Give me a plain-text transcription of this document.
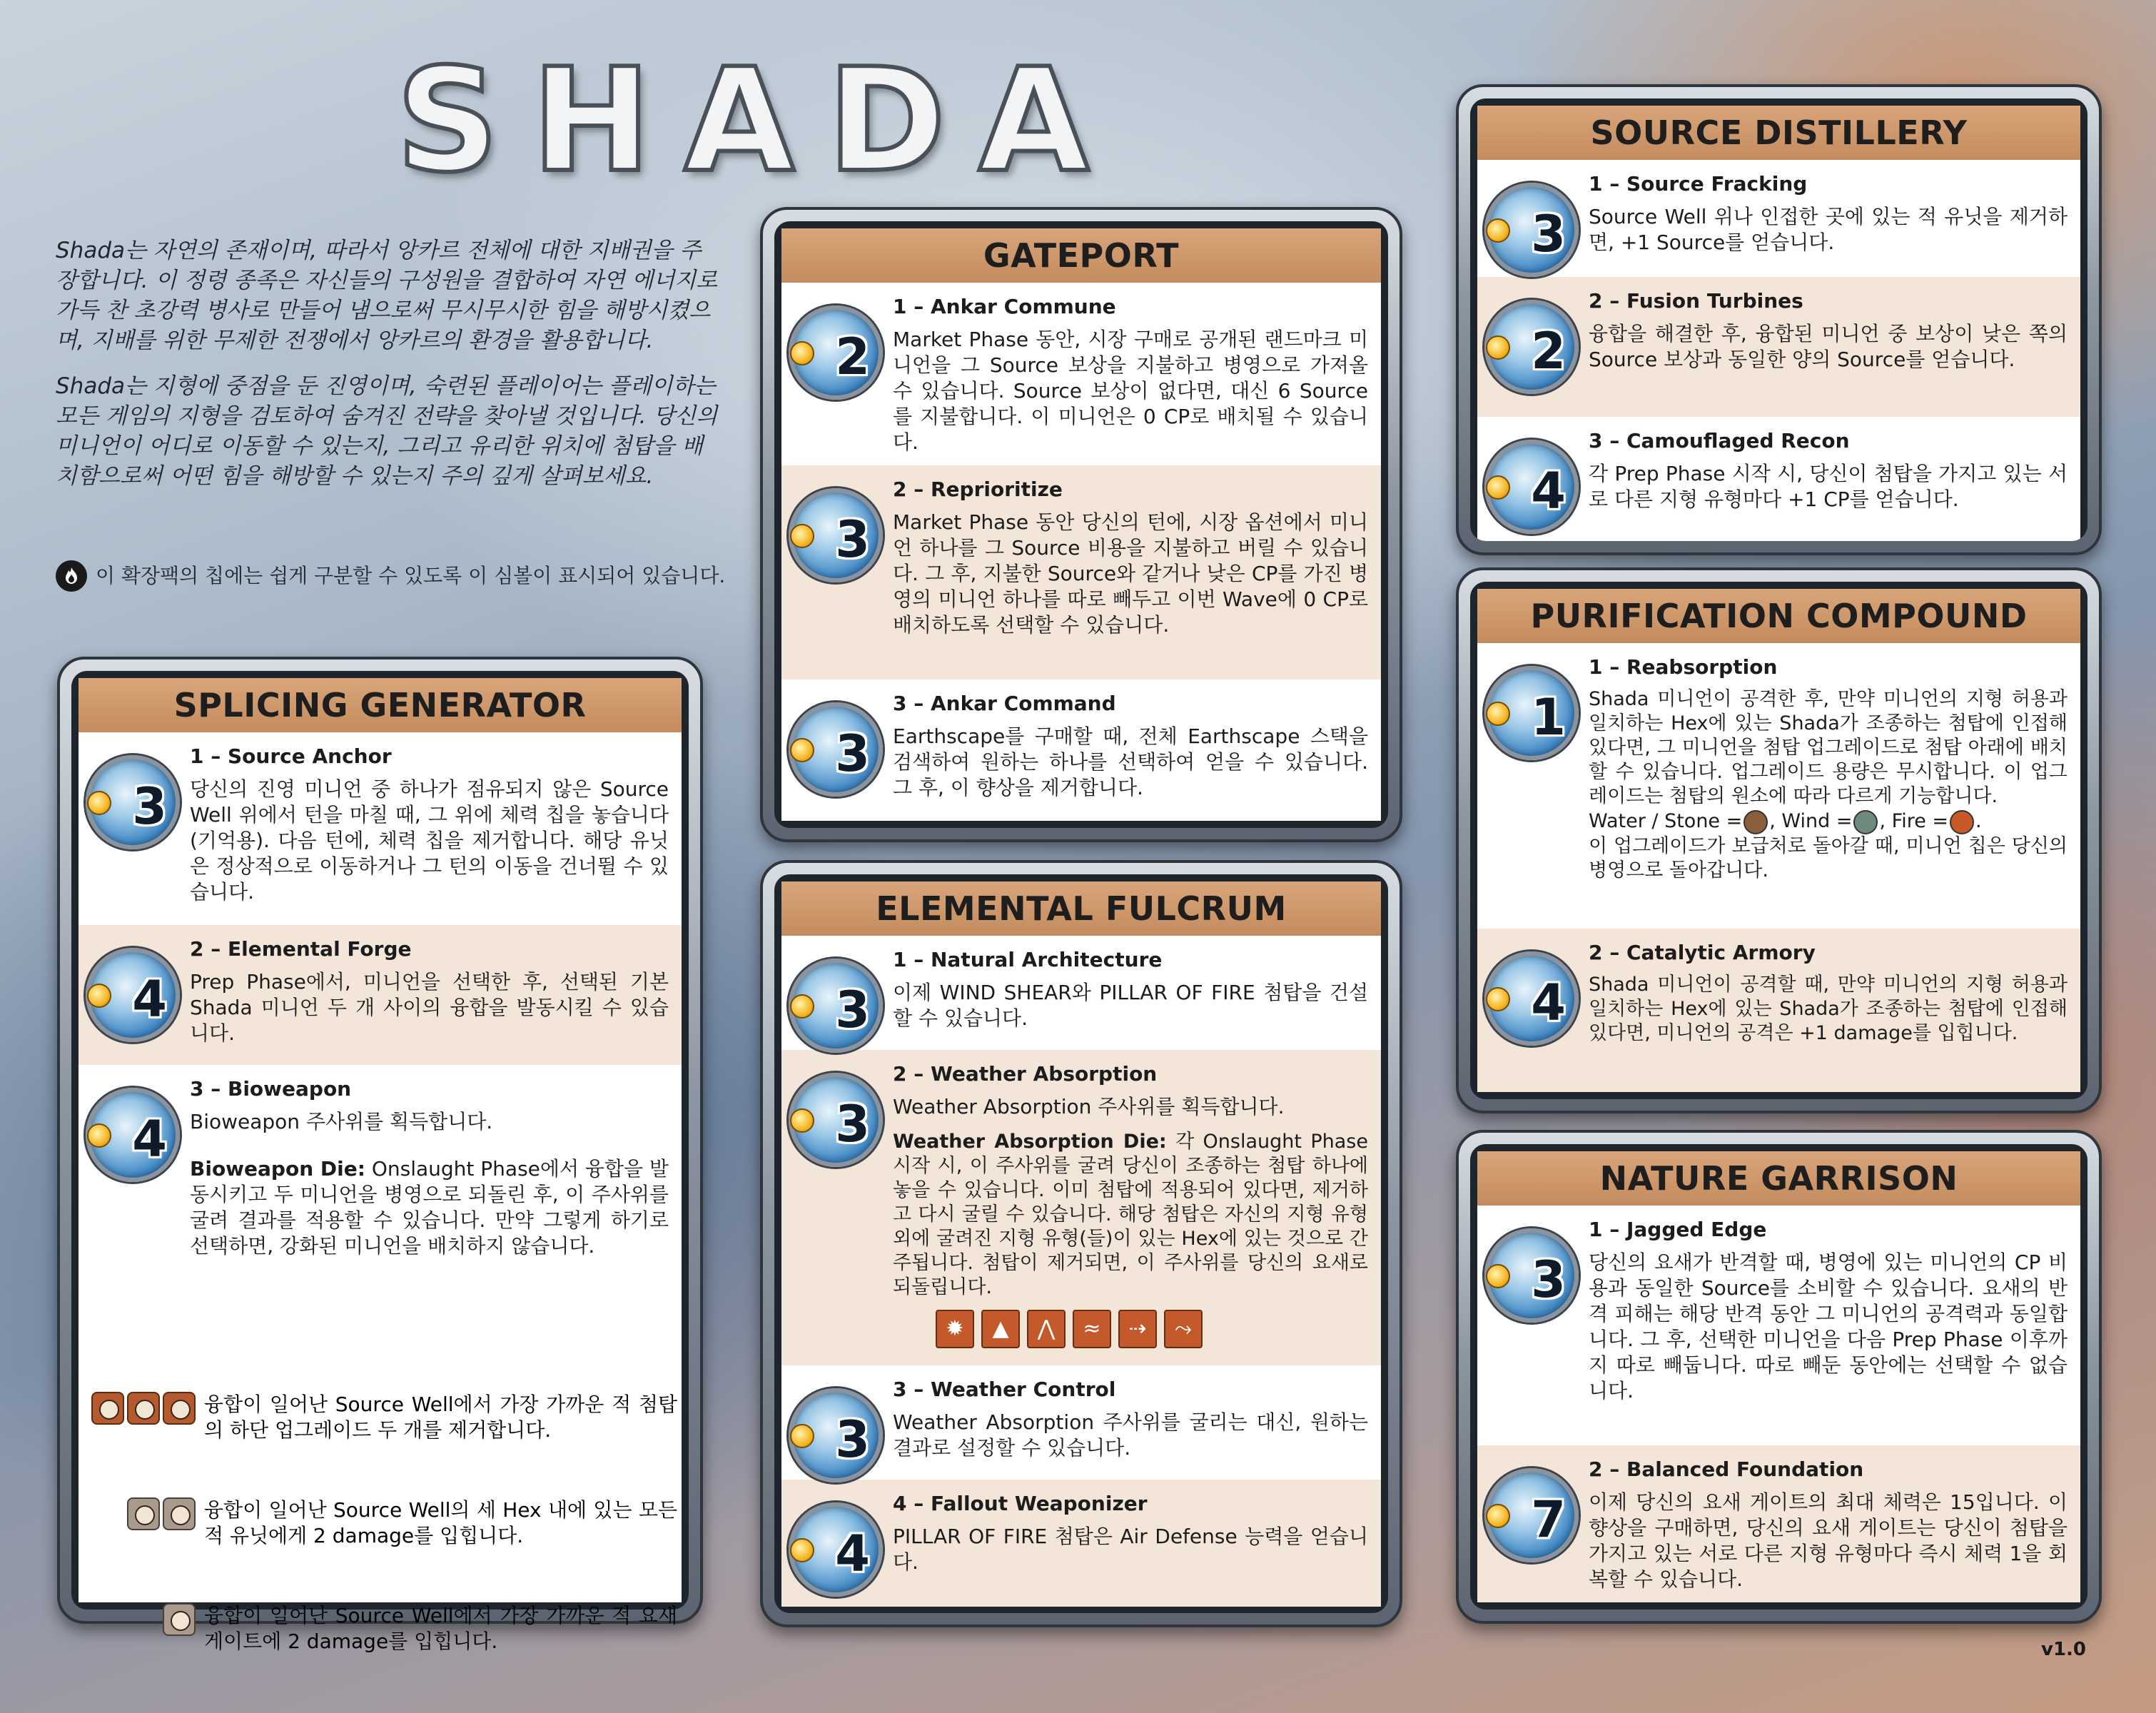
SHADA

Shada는 자연의 존재이며, 따라서 앙카르 전체에 대한 지배권을 주장합니다. 이 정령 종족은 자신들의 구성원을 결합하여 자연 에너지로 가득 찬 초강력 병사로 만들어 냄으로써 무시무시한 힘을 해방시켰으며, 지배를 위한 무제한 전쟁에서 앙카르의 환경을 활용합니다.

Shada는 지형에 중점을 둔 진영이며, 숙련된 플레이어는 플레이하는 모든 게임의 지형을 검토하여 숨겨진 전략을 찾아낼 것입니다. 당신의 미니언이 어디로 이동할 수 있는지, 그리고 유리한 위치에 첨탑을 배치함으로써 어떤 힘을 해방할 수 있는지 주의 깊게 살펴보세요.

이 확장팩의 칩에는 쉽게 구분할 수 있도록 이 심볼이 표시되어 있습니다.
SPLICING GENERATOR
3
1 – Source Anchor
당신의 진영 미니언 중 하나가 점유되지 않은 Source Well 위에서 턴을 마칠 때, 그 위에 체력 칩을 놓습니다 (기억용). 다음 턴에, 체력 칩을 제거합니다. 해당 유닛은 정상적으로 이동하거나 그 턴의 이동을 건너뛸 수 있습니다.
4
2 – Elemental Forge
Prep Phase에서, 미니언을 선택한 후, 선택된 기본 Shada 미니언 두 개 사이의 융합을 발동시킬 수 있습니다.
4
3 – Bioweapon
Bioweapon 주사위를 획득합니다.
Bioweapon Die: Onslaught Phase에서 융합을 발동시키고 두 미니언을 병영으로 되돌린 후, 이 주사위를 굴려 결과를 적용할 수 있습니다. 만약 그렇게 하기로 선택하면, 강화된 미니언을 배치하지 않습니다.
융합이 일어난 Source Well에서 가장 가까운 적 첨탑의 하단 업그레이드 두 개를 제거합니다.
융합이 일어난 Source Well의 세 Hex 내에 있는 모든 적 유닛에게 2 damage를 입힙니다.
융합이 일어난 Source Well에서 가장 가까운 적 요새 게이트에 2 damage를 입힙니다.
GATEPORT
2
1 – Ankar Commune
Market Phase 동안, 시장 구매로 공개된 랜드마크 미니언을 그 Source 보상을 지불하고 병영으로 가져올 수 있습니다. Source 보상이 없다면, 대신 6 Source를 지불합니다. 이 미니언은 0 CP로 배치될 수 있습니다.
3
2 – Reprioritize
Market Phase 동안 당신의 턴에, 시장 옵션에서 미니언 하나를 그 Source 비용을 지불하고 버릴 수 있습니다. 그 후, 지불한 Source와 같거나 낮은 CP를 가진 병영의 미니언 하나를 따로 빼두고 이번 Wave에 0 CP로 배치하도록 선택할 수 있습니다.
3
3 – Ankar Command
Earthscape를 구매할 때, 전체 Earthscape 스택을 검색하여 원하는 하나를 선택하여 얻을 수 있습니다. 그 후, 이 향상을 제거합니다.
ELEMENTAL FULCRUM
3
1 – Natural Architecture
이제 WIND SHEAR와 PILLAR OF FIRE 첨탑을 건설할 수 있습니다.
3
2 – Weather Absorption
Weather Absorption 주사위를 획득합니다.
Weather Absorption Die: 각 Onslaught Phase 시작 시, 이 주사위를 굴려 당신이 조종하는 첨탑 하나에 놓을 수 있습니다. 이미 첨탑에 적용되어 있다면, 제거하고 다시 굴릴 수 있습니다. 해당 첨탑은 자신의 지형 유형 외에 굴려진 지형 유형(들)이 있는 Hex에 있는 것으로 간주됩니다. 첨탑이 제거되면, 이 주사위를 당신의 요새로 되돌립니다.
✹	▲	⋀	≈	⇢	⤳
3
3 – Weather Control
Weather Absorption 주사위를 굴리는 대신, 원하는 결과로 설정할 수 있습니다.
4
4 – Fallout Weaponizer
PILLAR OF FIRE 첨탑은 Air Defense 능력을 얻습니다.
SOURCE DISTILLERY
3
1 – Source Fracking
Source Well 위나 인접한 곳에 있는 적 유닛을 제거하면, +1 Source를 얻습니다.
2
2 – Fusion Turbines
융합을 해결한 후, 융합된 미니언 중 보상이 낮은 쪽의 Source 보상과 동일한 양의 Source를 얻습니다.
4
3 – Camouflaged Recon
각 Prep Phase 시작 시, 당신이 첨탑을 가지고 있는 서로 다른 지형 유형마다 +1 CP를 얻습니다.
PURIFICATION COMPOUND
1
1 – Reabsorption
Shada 미니언이 공격한 후, 만약 미니언의 지형 허용과 일치하는 Hex에 있는 Shada가 조종하는 첨탑에 인접해 있다면, 그 미니언을 첨탑 업그레이드로 첨탑 아래에 배치할 수 있습니다. 업그레이드 용량은 무시합니다. 이 업그레이드는 첨탑의 원소에 따라 다르게 기능합니다.
Water / Stone = , Wind = , Fire = .
이 업그레이드가 보급처로 돌아갈 때, 미니언 칩은 당신의 병영으로 돌아갑니다.
4
2 – Catalytic Armory
Shada 미니언이 공격할 때, 만약 미니언의 지형 허용과 일치하는 Hex에 있는 Shada가 조종하는 첨탑에 인접해 있다면, 미니언의 공격은 +1 damage를 입힙니다.
NATURE GARRISON
3
1 – Jagged Edge
당신의 요새가 반격할 때, 병영에 있는 미니언의 CP 비용과 동일한 Source를 소비할 수 있습니다. 요새의 반격 피해는 해당 반격 동안 그 미니언의 공격력과 동일합니다. 그 후, 선택한 미니언을 다음 Prep Phase 이후까지 따로 빼둡니다. 따로 빼둔 동안에는 선택할 수 없습니다.
7
2 – Balanced Foundation
이제 당신의 요새 게이트의 최대 체력은 15입니다. 이 향상을 구매하면, 당신의 요새 게이트는 당신이 첨탑을 가지고 있는 서로 다른 지형 유형마다 즉시 체력 1을 회복할 수 있습니다.
v1.0
